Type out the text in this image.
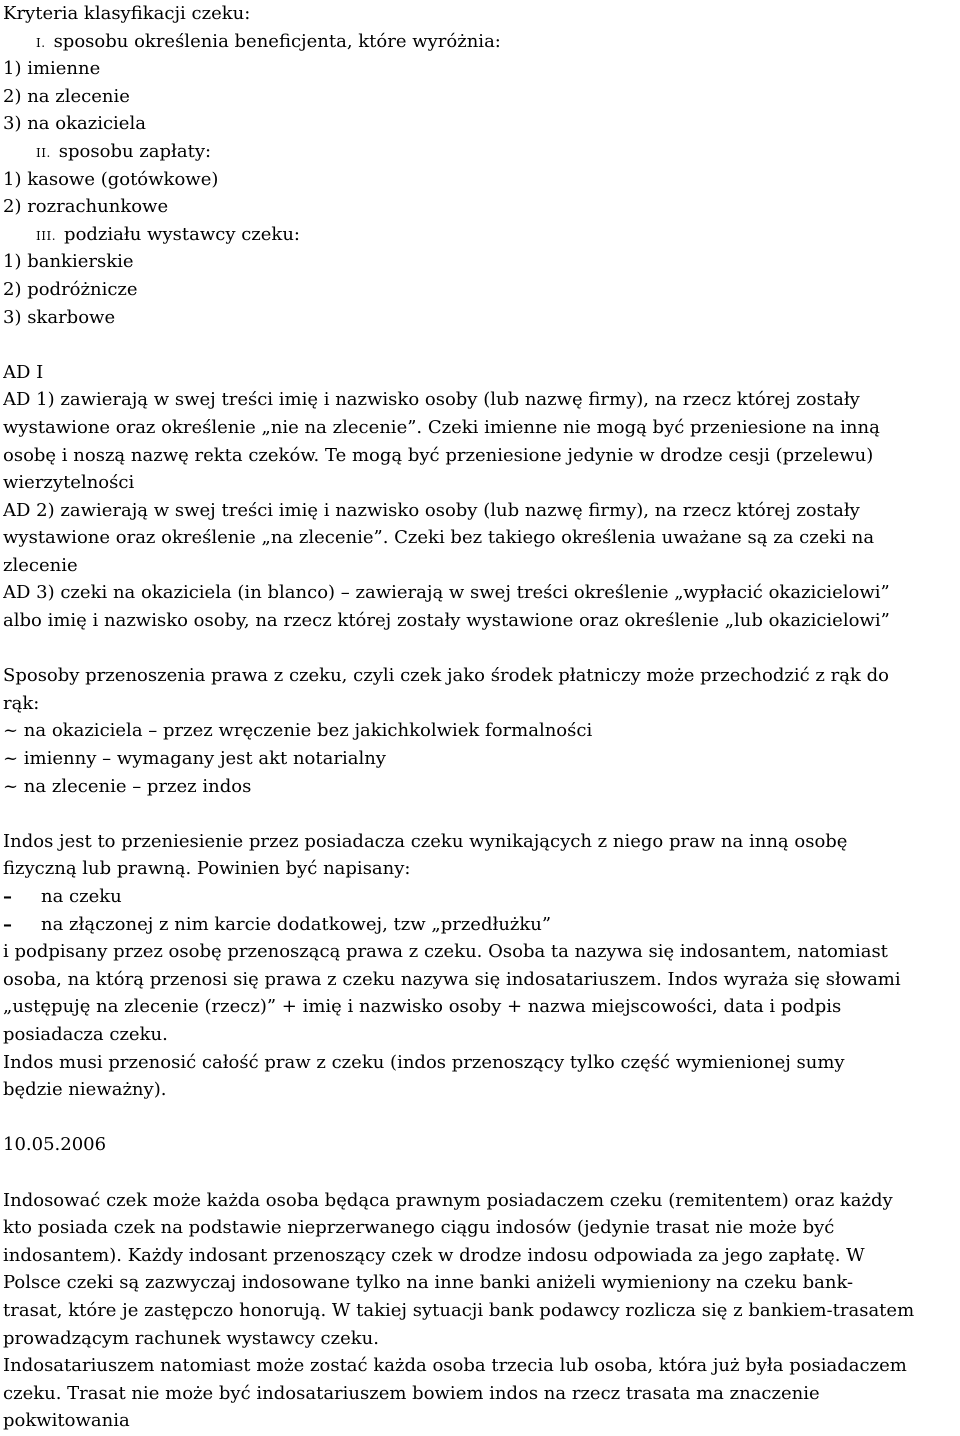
Kryteria klasyfikacji czeku:
I. sposobu określenia beneficjenta, które wyróżnia:
1) imienne
2) na zlecenie
3) na okaziciela
II. sposobu zapłaty:
1) kasowe (gotówkowe)
2) rozrachunkowe
III. podziału wystawcy czeku:
1) bankierskie
2) podróżnicze
3) skarbowe
AD I
AD 1) zawierają w swej treści imię i nazwisko osoby (lub nazwę firmy), na rzecz której zostały
wystawione oraz określenie „nie na zlecenie”. Czeki imienne nie mogą być przeniesione na inną
osobę i noszą nazwę rekta czeków. Te mogą być przeniesione jedynie w drodze cesji (przelewu)
wierzytelności
AD 2) zawierają w swej treści imię i nazwisko osoby (lub nazwę firmy), na rzecz której zostały
wystawione oraz określenie „na zlecenie”. Czeki bez takiego określenia uważane są za czeki na
zlecenie
AD 3) czeki na okaziciela (in blanco) – zawierają w swej treści określenie „wypłacić okazicielowi”
albo imię i nazwisko osoby, na rzecz której zostały wystawione oraz określenie „lub okazicielowi”
Sposoby przenoszenia prawa z czeku, czyli czek jako środek płatniczy może przechodzić z rąk do
rąk:
~ na okaziciela – przez wręczenie bez jakichkolwiek formalności
~ imienny – wymagany jest akt notarialny
~ na zlecenie – przez indos
Indos jest to przeniesienie przez posiadacza czeku wynikających z niego praw na inną osobę
fizyczną lub prawną. Powinien być napisany:
–	na czeku
–	na złączonej z nim karcie dodatkowej, tzw „przedłużku”
i podpisany przez osobę przenoszącą prawa z czeku. Osoba ta nazywa się indosantem, natomiast
osoba, na którą przenosi się prawa z czeku nazywa się indosatariuszem. Indos wyraża się słowami
„ustępuję na zlecenie (rzecz)” + imię i nazwisko osoby + nazwa miejscowości, data i podpis
posiadacza czeku.
Indos musi przenosić całość praw z czeku (indos przenoszący tylko część wymienionej sumy
będzie nieważny).
10.05.2006
Indosować czek może każda osoba będąca prawnym posiadaczem czeku (remitentem) oraz każdy
kto posiada czek na podstawie nieprzerwanego ciągu indosów (jedynie trasat nie może być
indosantem). Każdy indosant przenoszący czek w drodze indosu odpowiada za jego zapłatę. W
Polsce czeki są zazwyczaj indosowane tylko na inne banki aniżeli wymieniony na czeku bank-
trasat, które je zastępczo honorują. W takiej sytuacji bank podawcy rozlicza się z bankiem-trasatem
prowadzącym rachunek wystawcy czeku.
Indosatariuszem natomiast może zostać każda osoba trzecia lub osoba, która już była posiadaczem
czeku. Trasat nie może być indosatariuszem bowiem indos na rzecz trasata ma znaczenie
pokwitowania
